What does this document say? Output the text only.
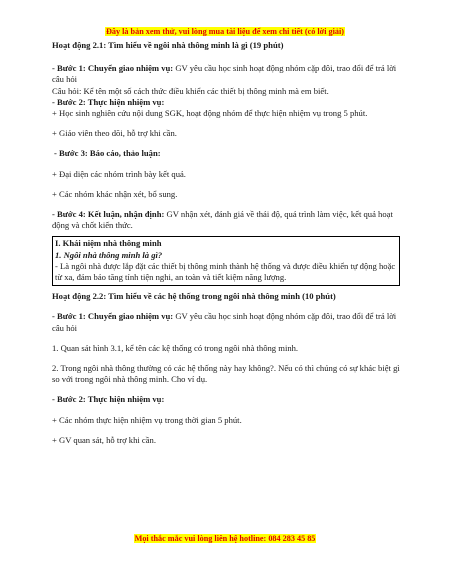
Đây là bản xem thử, vui lòng mua tài liệu để xem chi tiết (có lời giải)

Hoạt động 2.1: Tìm hiểu về ngôi nhà thông minh là gì (19 phút)

- Bước 1: Chuyển giao nhiệm vụ: GV yêu cầu học sinh hoạt động nhóm cặp đôi, trao đổi để trả lời câu hỏi

Câu hỏi: Kể tên một số cách thức điều khiển các thiết bị thông minh mà em biết.

- Bước 2: Thực hiện nhiệm vụ:

+ Học sinh nghiên cứu nội dung SGK, hoạt động nhóm để thực hiện nhiệm vụ trong 5 phút.

+ Giáo viên theo dõi, hỗ trợ khi cần.

- Bước 3: Báo cáo, thảo luận:

+ Đại diện các nhóm trình bày kết quả.

+ Các nhóm khác nhận xét, bổ sung.

- Bước 4: Kết luận, nhận định: GV nhận xét, đánh giá về thái độ, quá trình làm việc, kết quả hoạt động và chốt kiến thức.

I. Khái niệm nhà thông minh
1. Ngôi nhà thông minh là gì?
- Là ngôi nhà được lắp đặt các thiết bị thông minh thành hệ thống và được điều khiển tự động hoặc từ xa, đảm bảo tăng tính tiện nghi, an toàn và tiết kiệm năng lượng.

Hoạt động 2.2: Tìm hiểu về các hệ thống trong ngôi nhà thông minh (10 phút)

- Bước 1: Chuyển giao nhiệm vụ: GV yêu cầu học sinh hoạt động nhóm cặp đôi, trao đổi để trả lời câu hỏi

1. Quan sát hình 3.1, kể tên các kệ thống có trong ngôi nhà thông minh.

2. Trong ngôi nhà thông thường có các hệ thống này hay không?. Nếu có thì chúng có sự khác biệt gì so với trong ngôi nhà thông minh. Cho ví dụ.

- Bước 2: Thực hiện nhiệm vụ:

+ Các nhóm thực hiện nhiệm vụ trong thời gian 5 phút.

+ GV quan sát, hỗ trợ khi cần.

Mọi thắc mắc vui lòng liên hệ hotline: 084 283 45 85
